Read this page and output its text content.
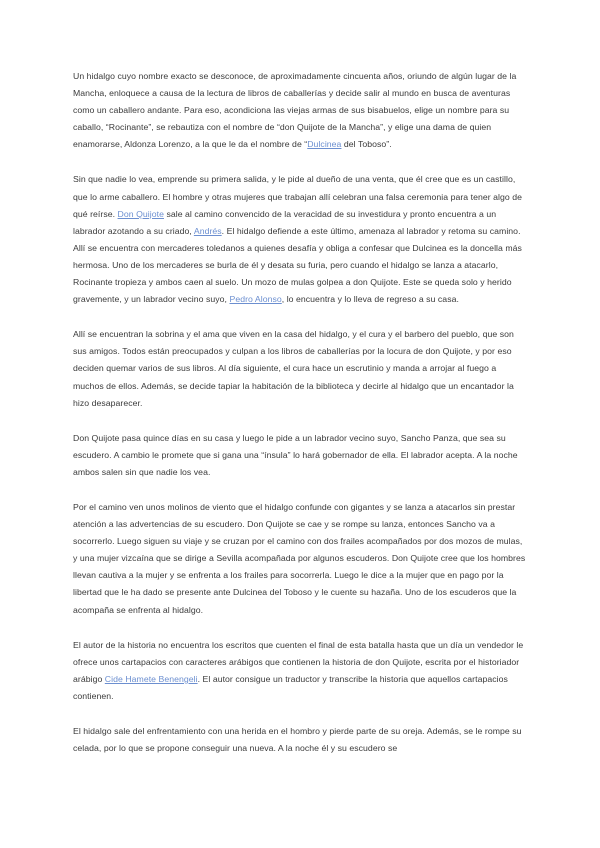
Un hidalgo cuyo nombre exacto se desconoce, de aproximadamente cincuenta años, oriundo de algún lugar de la Mancha, enloquece a causa de la lectura de libros de caballerías y decide salir al mundo en busca de aventuras como un caballero andante. Para eso, acondiciona las viejas armas de sus bisabuelos, elige un nombre para su caballo, “Rocinante”, se rebautiza con el nombre de “don Quijote de la Mancha”, y elige una dama de quien enamorarse, Aldonza Lorenzo, a la que le da el nombre de “Dulcinea del Toboso”.

Sin que nadie lo vea, emprende su primera salida, y le pide al dueño de una venta, que él cree que es un castillo, que lo arme caballero. El hombre y otras mujeres que trabajan allí celebran una falsa ceremonia para tener algo de qué reírse. Don Quijote sale al camino convencido de la veracidad de su investidura y pronto encuentra a un labrador azotando a su criado, Andrés. El hidalgo defiende a este último, amenaza al labrador y retoma su camino. Allí se encuentra con mercaderes toledanos a quienes desafía y obliga a confesar que Dulcinea es la doncella más hermosa. Uno de los mercaderes se burla de él y desata su furia, pero cuando el hidalgo se lanza a atacarlo, Rocinante tropieza y ambos caen al suelo. Un mozo de mulas golpea a don Quijote. Este se queda solo y herido gravemente, y un labrador vecino suyo, Pedro Alonso, lo encuentra y lo lleva de regreso a su casa.

Allí se encuentran la sobrina y el ama que viven en la casa del hidalgo, y el cura y el barbero del pueblo, que son sus amigos. Todos están preocupados y culpan a los libros de caballerías por la locura de don Quijote, y por eso deciden quemar varios de sus libros. Al día siguiente, el cura hace un escrutinio y manda a arrojar al fuego a muchos de ellos. Además, se decide tapiar la habitación de la biblioteca y decirle al hidalgo que un encantador la hizo desaparecer.

Don Quijote pasa quince días en su casa y luego le pide a un labrador vecino suyo, Sancho Panza, que sea su escudero. A cambio le promete que si gana una “ínsula” lo hará gobernador de ella. El labrador acepta. A la noche ambos salen sin que nadie los vea.

Por el camino ven unos molinos de viento que el hidalgo confunde con gigantes y se lanza a atacarlos sin prestar atención a las advertencias de su escudero. Don Quijote se cae y se rompe su lanza, entonces Sancho va a socorrerlo. Luego siguen su viaje y se cruzan por el camino con dos frailes acompañados por dos mozos de mulas, y una mujer vizcaína que se dirige a Sevilla acompañada por algunos escuderos. Don Quijote cree que los hombres llevan cautiva a la mujer y se enfrenta a los frailes para socorrerla. Luego le dice a la mujer que en pago por la libertad que le ha dado se presente ante Dulcinea del Toboso y le cuente su hazaña. Uno de los escuderos que la acompaña se enfrenta al hidalgo.

El autor de la historia no encuentra los escritos que cuenten el final de esta batalla hasta que un día un vendedor le ofrece unos cartapacios con caracteres arábigos que contienen la historia de don Quijote, escrita por el historiador arábigo Cide Hamete Benengeli. El autor consigue un traductor y transcribe la historia que aquellos cartapacios contienen.

El hidalgo sale del enfrentamiento con una herida en el hombro y pierde parte de su oreja. Además, se le rompe su celada, por lo que se propone conseguir una nueva. A la noche él y su escudero se
